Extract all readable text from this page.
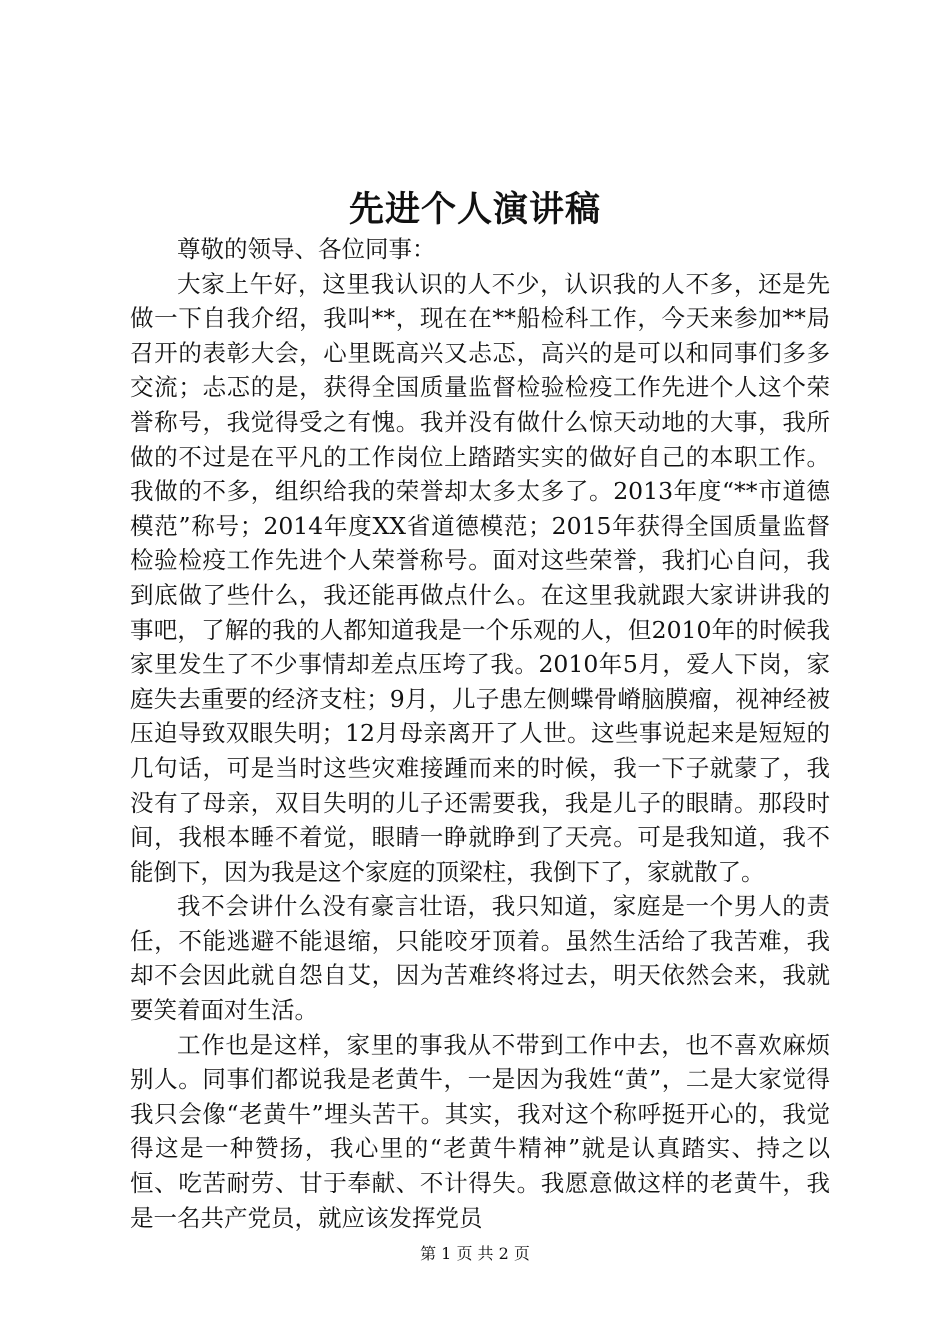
先进个人演讲稿

尊敬的领导、各位同事：

大家上午好，这里我认识的人不少，认识我的人不多，还是先做一下自我介绍，我叫**，现在在**船检科工作，今天来参加**局召开的表彰大会，心里既高兴又忐忑，高兴的是可以和同事们多多交流；忐忑的是，获得全国质量监督检验检疫工作先进个人这个荣誉称号，我觉得受之有愧。我并没有做什么惊天动地的大事，我所做的不过是在平凡的工作岗位上踏踏实实的做好自己的本职工作。我做的不多，组织给我的荣誉却太多太多了。2013年度“**市道德模范”称号；2014年度XX省道德模范；2015年获得全国质量监督检验检疫工作先进个人荣誉称号。面对这些荣誉，我扪心自问，我到底做了些什么，我还能再做点什么。在这里我就跟大家讲讲我的事吧，了解的我的人都知道我是一个乐观的人，但2010年的时候我家里发生了不少事情却差点压垮了我。2010年5月，爱人下岗，家庭失去重要的经济支柱；9月，儿子患左侧蝶骨嵴脑膜瘤，视神经被压迫导致双眼失明；12月母亲离开了人世。这些事说起来是短短的几句话，可是当时这些灾难接踵而来的时候，我一下子就蒙了，我没有了母亲，双目失明的儿子还需要我，我是儿子的眼睛。那段时间，我根本睡不着觉，眼睛一睁就睁到了天亮。可是我知道，我不能倒下，因为我是这个家庭的顶梁柱，我倒下了，家就散了。

我不会讲什么没有豪言壮语，我只知道，家庭是一个男人的责任，不能逃避不能退缩，只能咬牙顶着。虽然生活给了我苦难，我却不会因此就自怨自艾，因为苦难终将过去，明天依然会来，我就要笑着面对生活。

工作也是这样，家里的事我从不带到工作中去，也不喜欢麻烦别人。同事们都说我是老黄牛，一是因为我姓“黄”，二是大家觉得我只会像“老黄牛”埋头苦干。其实，我对这个称呼挺开心的，我觉得这是一种赞扬，我心里的“老黄牛精神”就是认真踏实、持之以恒、吃苦耐劳、甘于奉献、不计得失。我愿意做这样的老黄牛，我是一名共产党员，就应该发挥党员

第 1 页 共 2 页
